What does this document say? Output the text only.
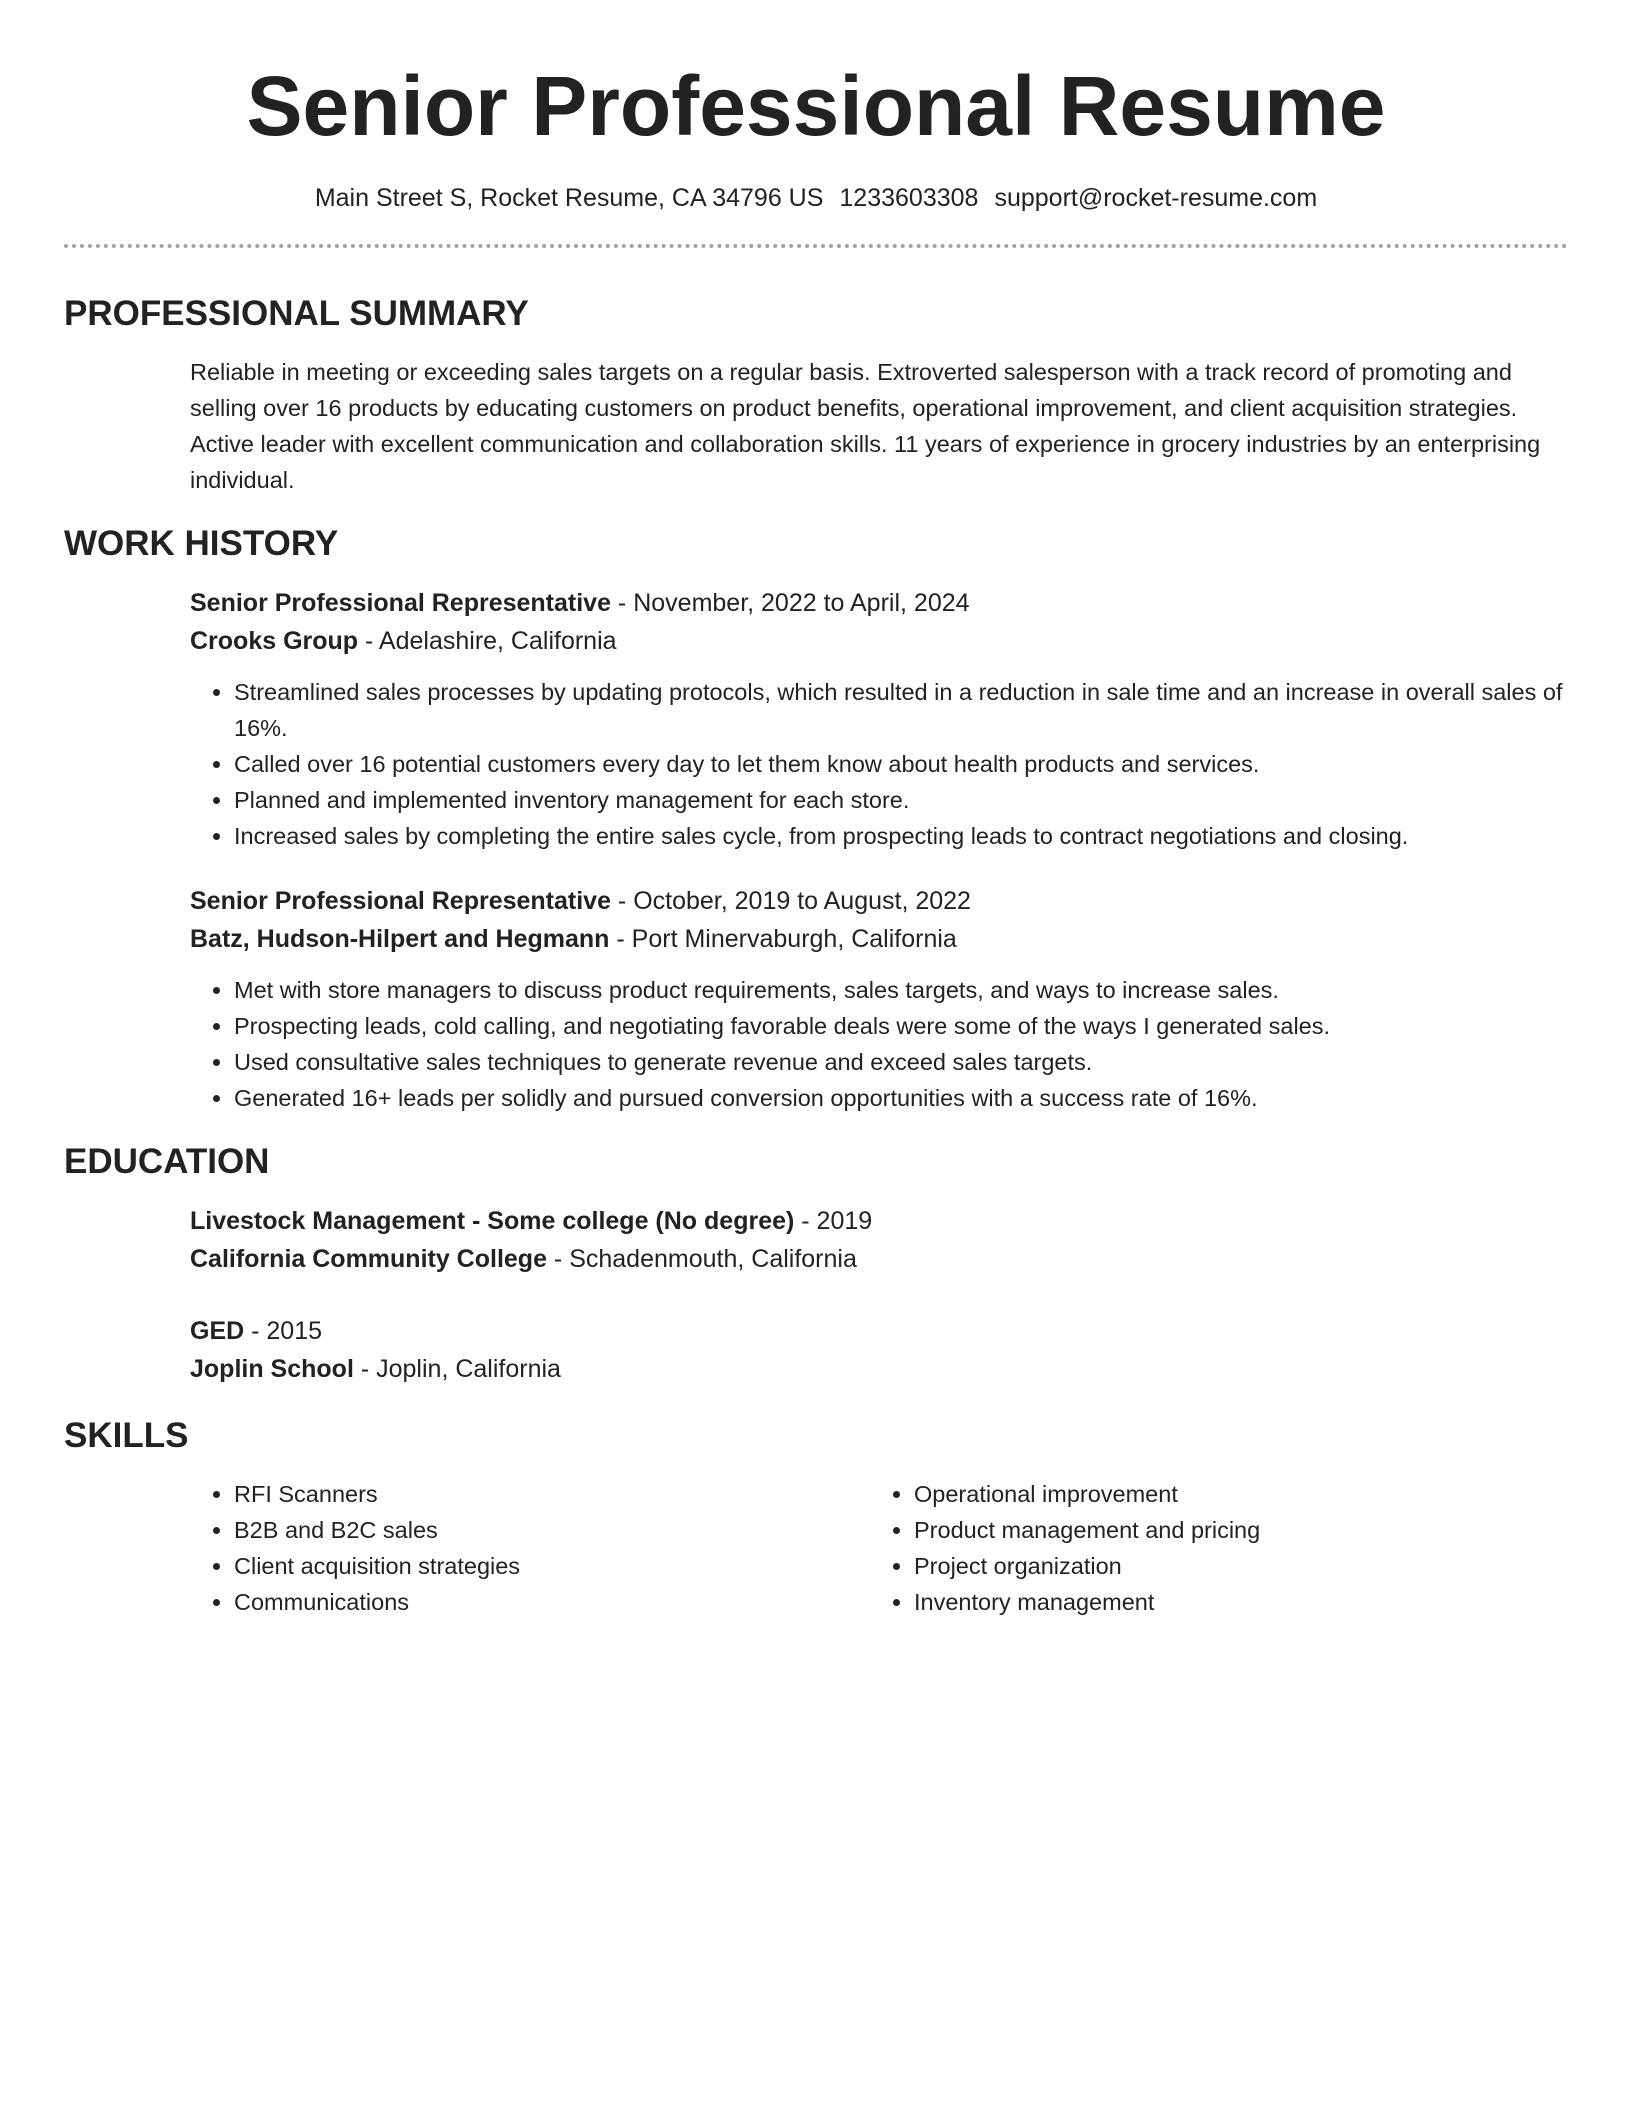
Senior Professional Resume
Main Street S, Rocket Resume, CA 34796 US 1233603308 support@rocket-resume.com
PROFESSIONAL SUMMARY
Reliable in meeting or exceeding sales targets on a regular basis. Extroverted salesperson with a track record of promoting and selling over 16 products by educating customers on product benefits, operational improvement, and client acquisition strategies. Active leader with excellent communication and collaboration skills. 11 years of experience in grocery industries by an enterprising individual.
WORK HISTORY
Senior Professional Representative - November, 2022 to April, 2024
Crooks Group - Adelashire, California
• Streamlined sales processes by updating protocols, which resulted in a reduction in sale time and an increase in overall sales of 16%.
• Called over 16 potential customers every day to let them know about health products and services.
• Planned and implemented inventory management for each store.
• Increased sales by completing the entire sales cycle, from prospecting leads to contract negotiations and closing.
Senior Professional Representative - October, 2019 to August, 2022
Batz, Hudson-Hilpert and Hegmann - Port Minervaburgh, California
• Met with store managers to discuss product requirements, sales targets, and ways to increase sales.
• Prospecting leads, cold calling, and negotiating favorable deals were some of the ways I generated sales.
• Used consultative sales techniques to generate revenue and exceed sales targets.
• Generated 16+ leads per solidly and pursued conversion opportunities with a success rate of 16%.
EDUCATION
Livestock Management - Some college (No degree) - 2019
California Community College - Schadenmouth, California
GED - 2015
Joplin School - Joplin, California
SKILLS
• RFI Scanners
• B2B and B2C sales
• Client acquisition strategies
• Communications
• Operational improvement
• Product management and pricing
• Project organization
• Inventory management
